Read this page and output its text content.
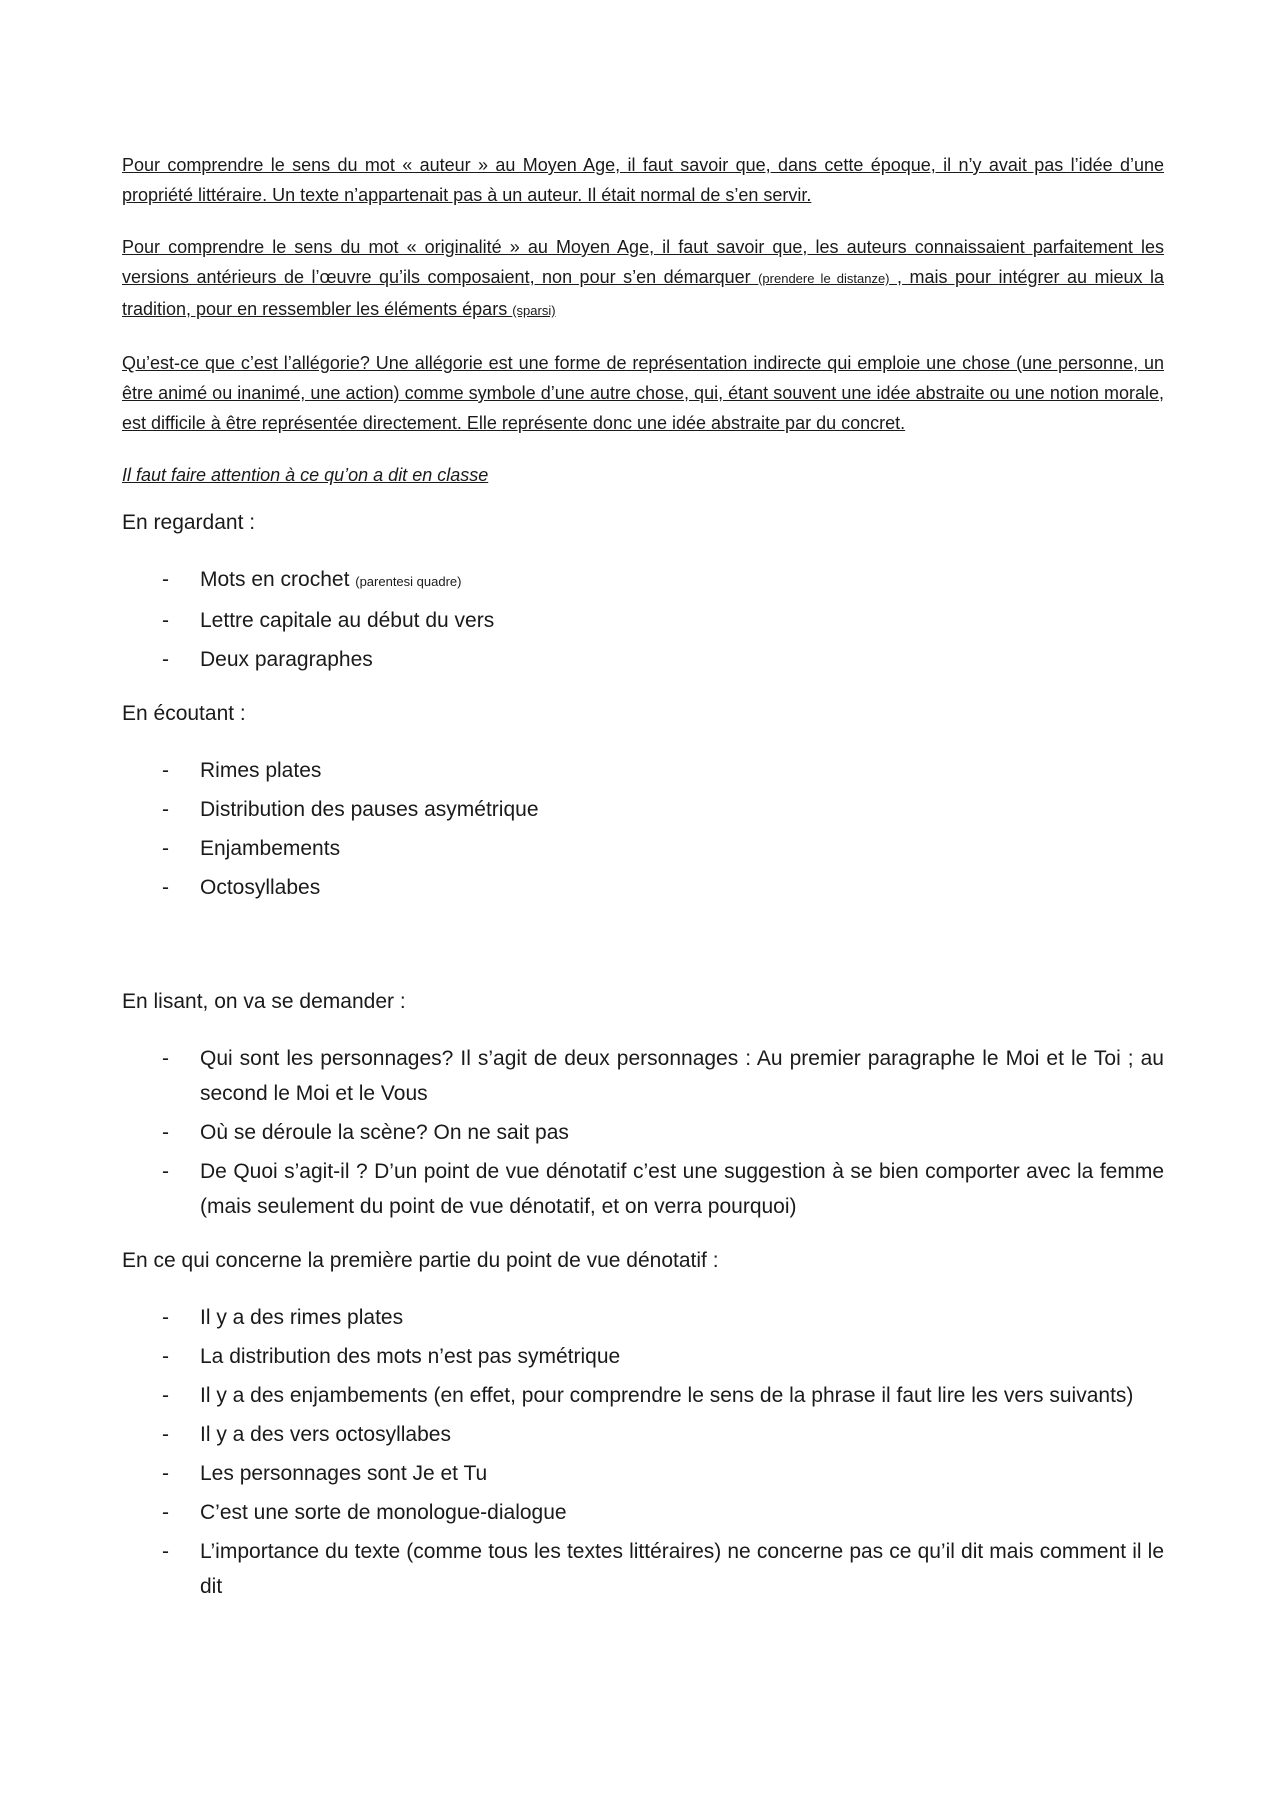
Pour comprendre le sens du mot « auteur » au Moyen Age, il faut savoir que, dans cette époque, il n’y avait pas l’idée d’une propriété littéraire. Un texte n’appartenait pas à un auteur. Il était normal de s’en servir.

Pour comprendre le sens du mot « originalité » au Moyen Age, il faut savoir que, les auteurs connaissaient parfaitement les versions antérieurs de l’œuvre qu’ils composaient, non pour s’en démarquer (prendere le distanze) , mais pour intégrer au mieux la tradition, pour en ressembler les éléments épars (sparsi)

Qu’est-ce que c’est l’allégorie? Une allégorie est une forme de représentation indirecte qui emploie une chose (une personne, un être animé ou inanimé, une action) comme symbole d’une autre chose, qui, étant souvent une idée abstraite ou une notion morale, est difficile à être représentée directement. Elle représente donc une idée abstraite par du concret.

Il faut faire attention à ce qu’on a dit en classe

En regardant :

- Mots en crochet (parentesi quadre)
- Lettre capitale au début du vers
- Deux paragraphes

En écoutant :

- Rimes plates
- Distribution des pauses asymétrique
- Enjambements
- Octosyllabes

En lisant, on va se demander :

- Qui sont les personnages? Il s’agit de deux personnages : Au premier paragraphe le Moi et le Toi ; au second le Moi et le Vous
- Où se déroule la scène? On ne sait pas
- De Quoi s’agit-il ? D’un point de vue dénotatif c’est une suggestion à se bien comporter avec la femme (mais seulement du point de vue dénotatif, et on verra pourquoi)

En ce qui concerne la première partie du point de vue dénotatif :

- Il y a des rimes plates
- La distribution des mots n’est pas symétrique
- Il y a des enjambements (en effet, pour comprendre le sens de la phrase il faut lire les vers suivants)
- Il y a des vers octosyllabes
- Les personnages sont Je et Tu
- C’est une sorte de monologue-dialogue
- L’importance du texte (comme tous les textes littéraires) ne concerne pas ce qu’il dit mais comment il le dit
